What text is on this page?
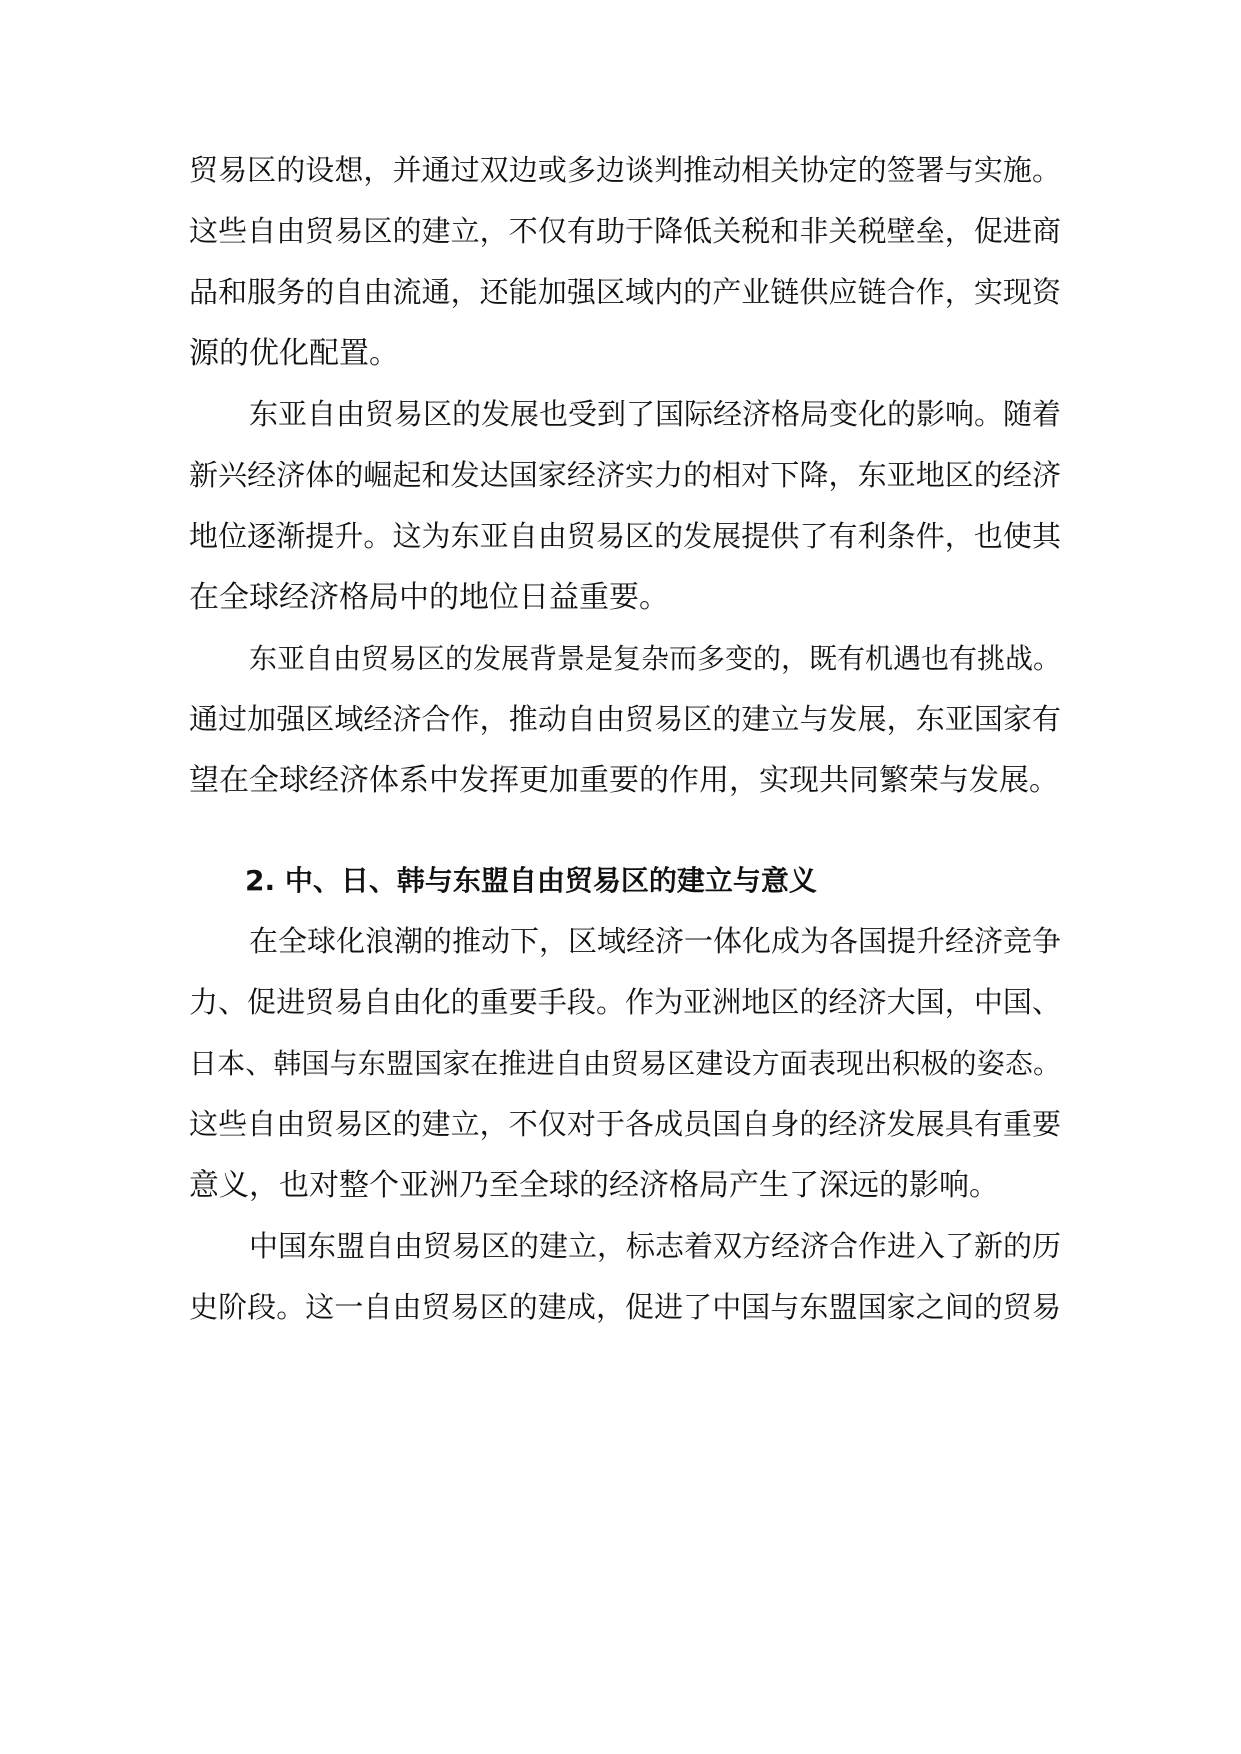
贸易区的设想，并通过双边或多边谈判推动相关协定的签署与实施。
这些自由贸易区的建立，不仅有助于降低关税和非关税壁垒，促进商
品和服务的自由流通，还能加强区域内的产业链供应链合作，实现资
源的优化配置。
东亚自由贸易区的发展也受到了国际经济格局变化的影响。随着
新兴经济体的崛起和发达国家经济实力的相对下降，东亚地区的经济
地位逐渐提升。这为东亚自由贸易区的发展提供了有利条件，也使其
在全球经济格局中的地位日益重要。
东亚自由贸易区的发展背景是复杂而多变的，既有机遇也有挑战。
通过加强区域经济合作，推动自由贸易区的建立与发展，东亚国家有
望在全球经济体系中发挥更加重要的作用，实现共同繁荣与发展。
2. 中、日、韩与东盟自由贸易区的建立与意义
在全球化浪潮的推动下，区域经济一体化成为各国提升经济竞争
力、促进贸易自由化的重要手段。作为亚洲地区的经济大国，中国、
日本、韩国与东盟国家在推进自由贸易区建设方面表现出积极的姿态。
这些自由贸易区的建立，不仅对于各成员国自身的经济发展具有重要
意义，也对整个亚洲乃至全球的经济格局产生了深远的影响。
中国东盟自由贸易区的建立，标志着双方经济合作进入了新的历
史阶段。这一自由贸易区的建成，促进了中国与东盟国家之间的贸易
